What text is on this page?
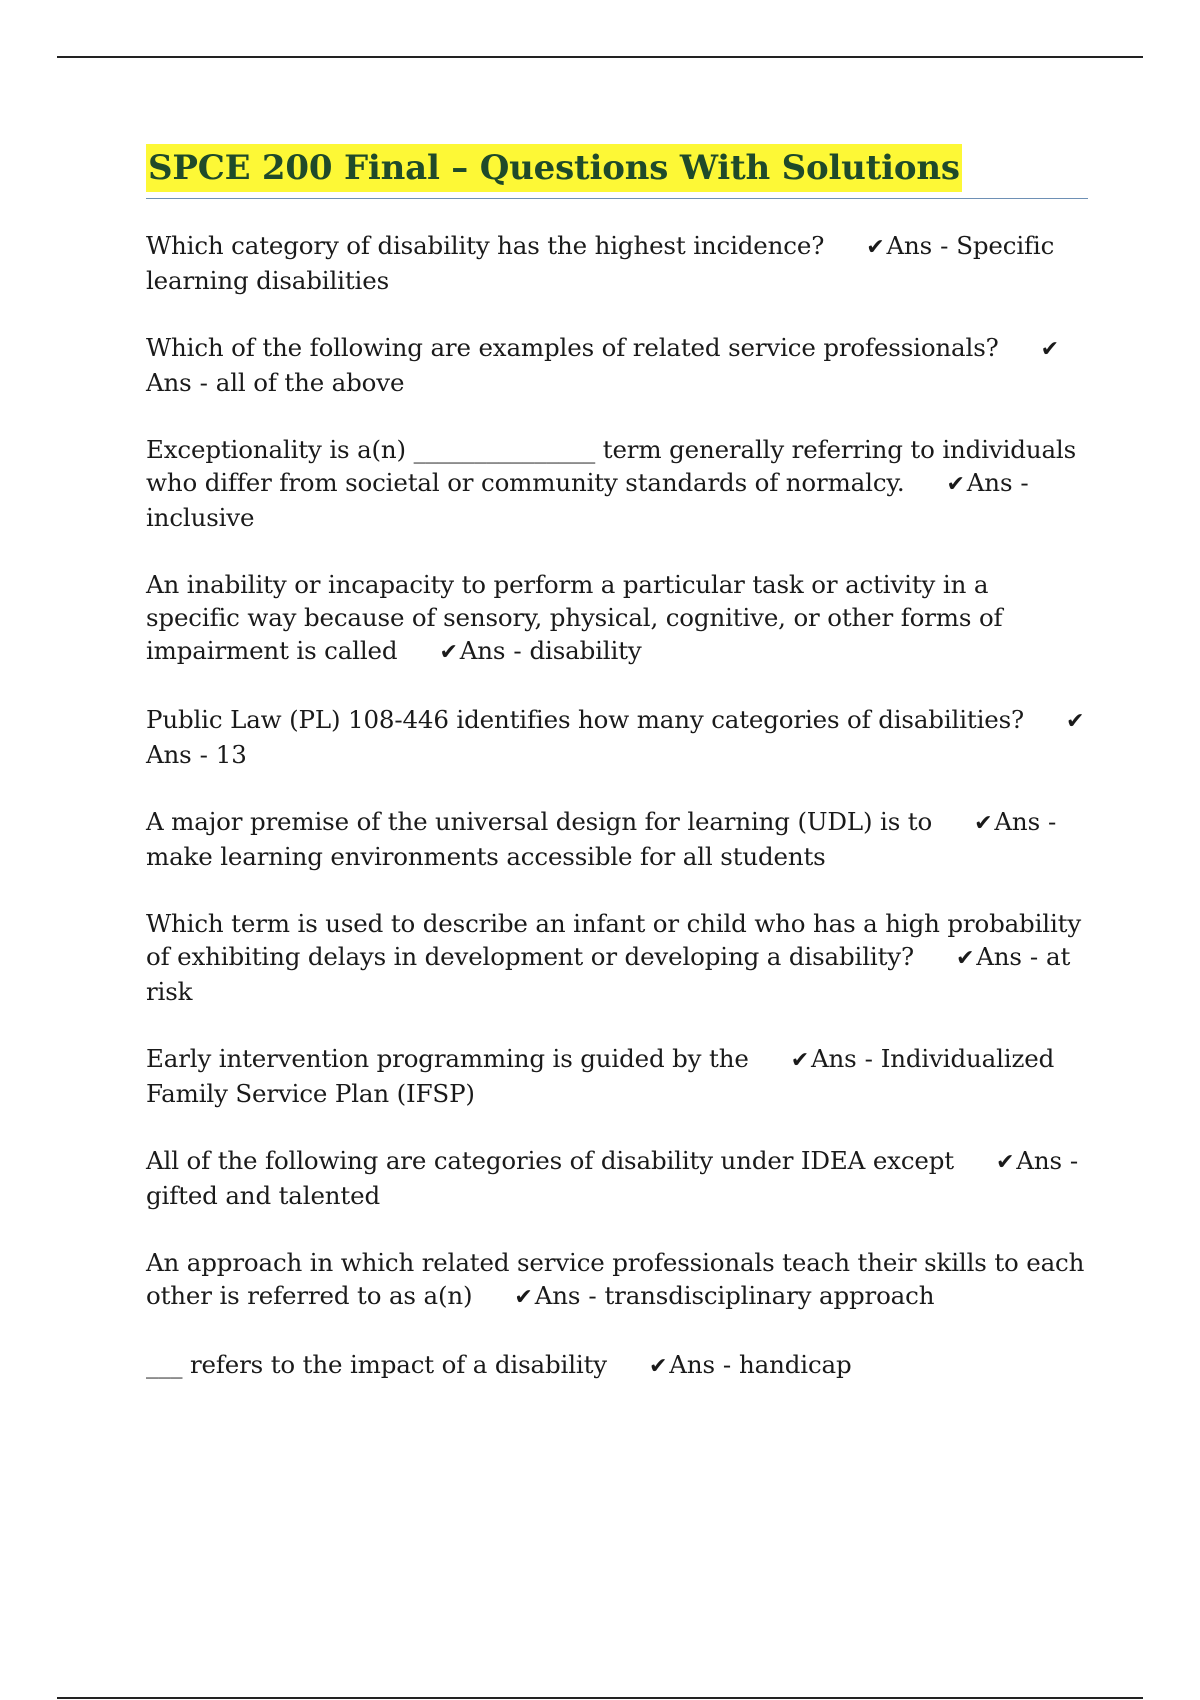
SPCE 200 Final – Questions With Solutions

Which category of disability has the highest incidence? ✔Ans - Specific learning disabilities

Which of the following are examples of related service professionals? ✔Ans - all of the above

Exceptionality is a(n) _______________ term generally referring to individuals who differ from societal or community standards of normalcy. ✔Ans -inclusive

An inability or incapacity to perform a particular task or activity in a specific way because of sensory, physical, cognitive, or other forms of impairment is called ✔Ans - disability

Public Law (PL) 108-446 identifies how many categories of disabilities? ✔Ans - 13

A major premise of the universal design for learning (UDL) is to ✔Ans -make learning environments accessible for all students

Which term is used to describe an infant or child who has a high probability of exhibiting delays in development or developing a disability? ✔Ans - at risk

Early intervention programming is guided by the ✔Ans - Individualized Family Service Plan (IFSP)

All of the following are categories of disability under IDEA except ✔Ans -gifted and talented

An approach in which related service professionals teach their skills to each other is referred to as a(n) ✔Ans - transdisciplinary approach

___ refers to the impact of a disability ✔Ans - handicap
